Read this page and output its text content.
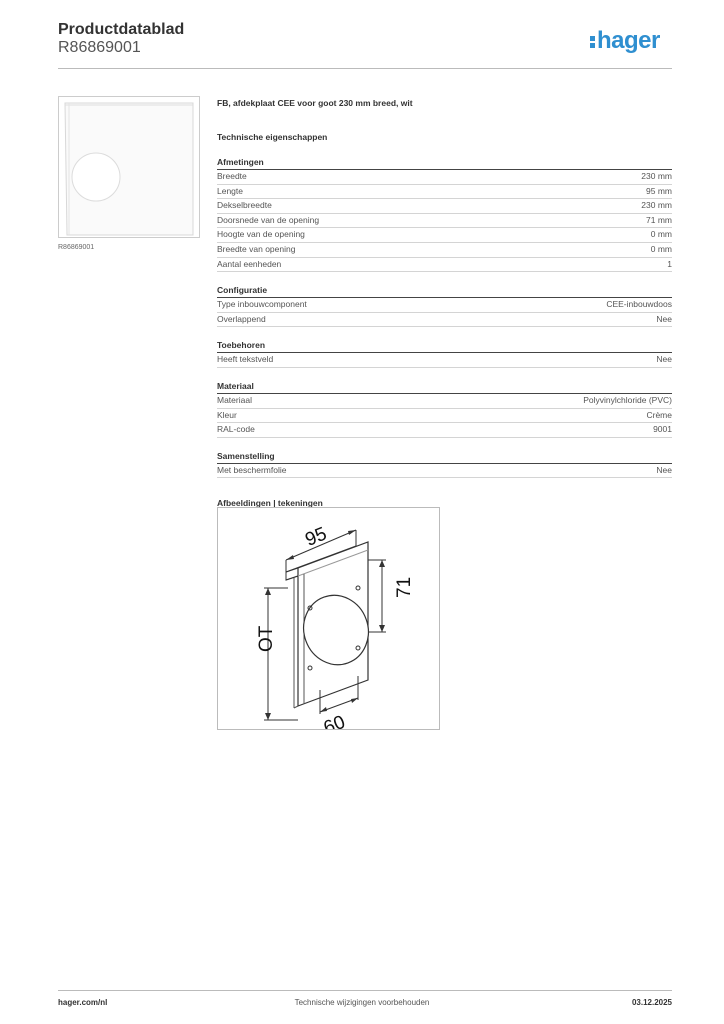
Productdatablad
R86869001	hager
R86869001
FB, afdekplaat CEE voor goot 230 mm breed, wit
Technische eigenschappen
Afmetingen
Breedte	230 mm
Lengte	95 mm
Dekselbreedte	230 mm
Doorsnede van de opening	71 mm
Hoogte van de opening	0 mm
Breedte van opening	0 mm
Aantal eenheden	1
Configuratie
Type inbouwcomponent	CEE-inbouwdoos
Overlappend	Nee
Toebehoren
Heeft tekstveld	Nee
Materiaal
Materiaal	Polyvinylchloride (PVC)
Kleur	Crème
RAL-code	9001
Samenstelling
Met beschermfolie	Nee
Afbeeldingen | tekeningen
95
71
OT
60
hager.com/nl	Technische wijzigingen voorbehouden	03.12.2025
